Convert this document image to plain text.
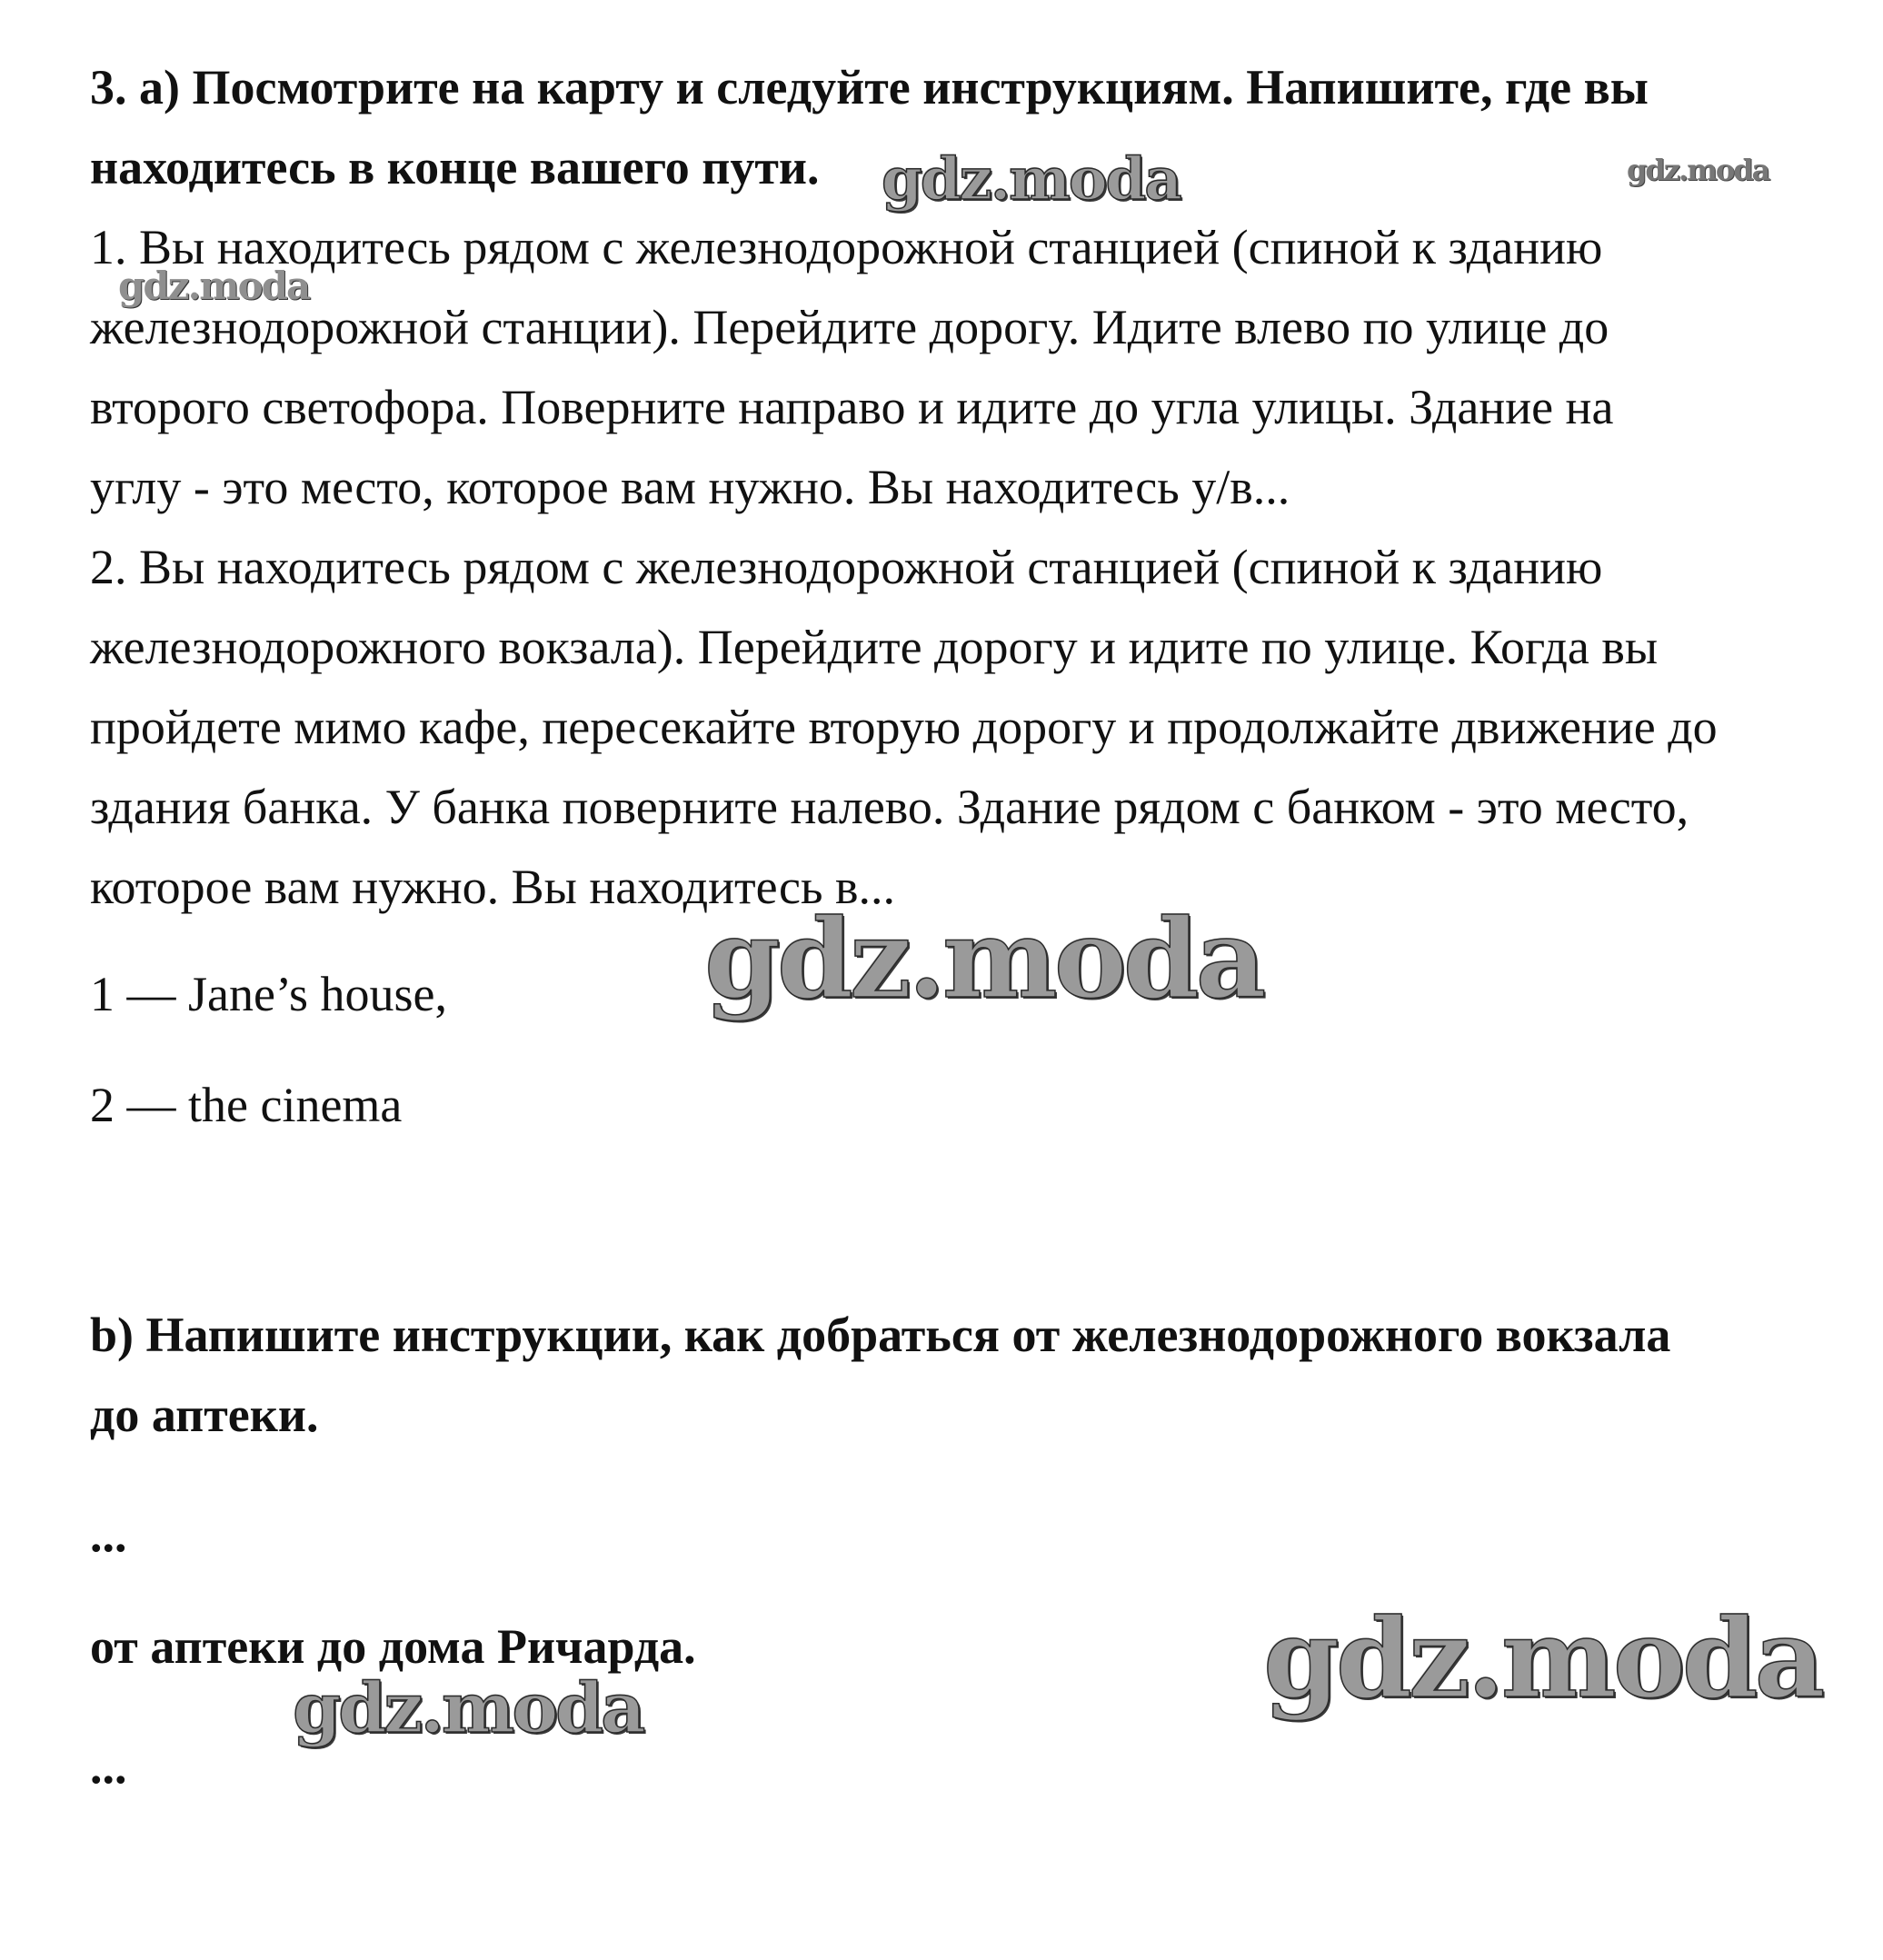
3. а) Посмотрите на карту и следуйте инструкциям. Напишите, где вы
находитесь в конце вашего пути.
1. Вы находитесь рядом с железнодорожной станцией (спиной к зданию
железнодорожной станции). Перейдите дорогу. Идите влево по улице до
второго светофора. Поверните направо и идите до угла улицы. Здание на
углу - это место, которое вам нужно. Вы находитесь у/в...
2. Вы находитесь рядом с железнодорожной станцией (спиной к зданию
железнодорожного вокзала). Перейдите дорогу и идите по улице. Когда вы
пройдете мимо кафе, пересекайте вторую дорогу и продолжайте движение до
здания банка. У банка поверните налево. Здание рядом с банком - это место,
которое вам нужно. Вы находитесь в...
1 — Jane’s house,
2 — the cinema
b) Напишите инструкции, как добраться от железнодорожного вокзала
до аптеки.
...
от аптеки до дома Ричарда.
...
gdz.moda	gdz.moda
gdz.moda
gdz.moda
gdz.moda
gdz.moda
